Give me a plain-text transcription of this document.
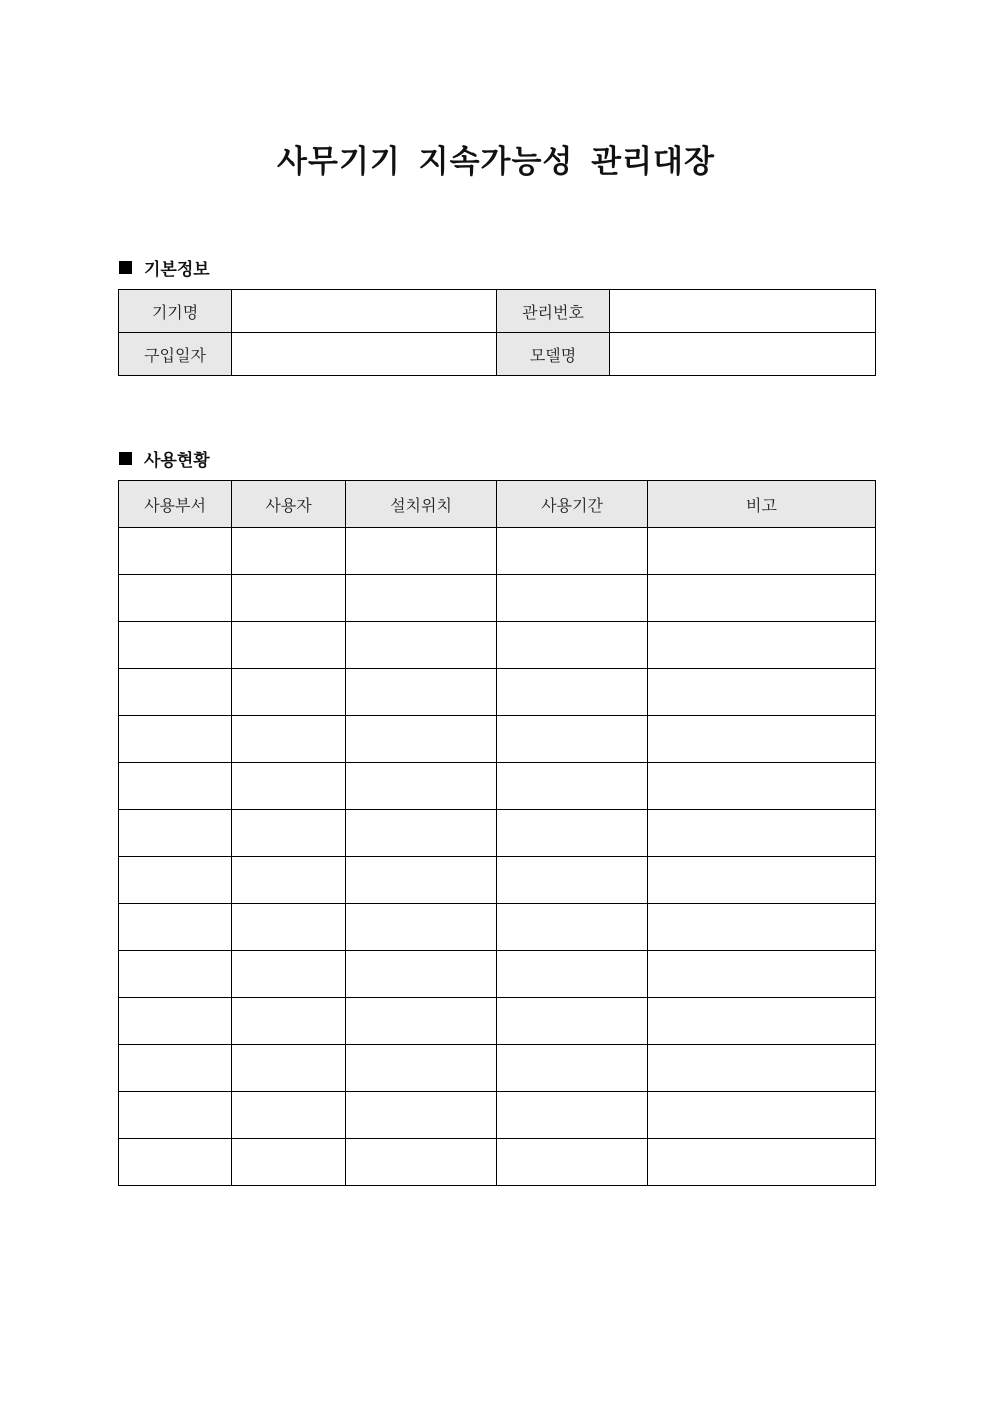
사무기기 지속가능성 관리대장
기본정보
기기명		관리번호	
구입일자		모델명	
사용현황
사용부서	사용자	설치위치	사용기간	비고
